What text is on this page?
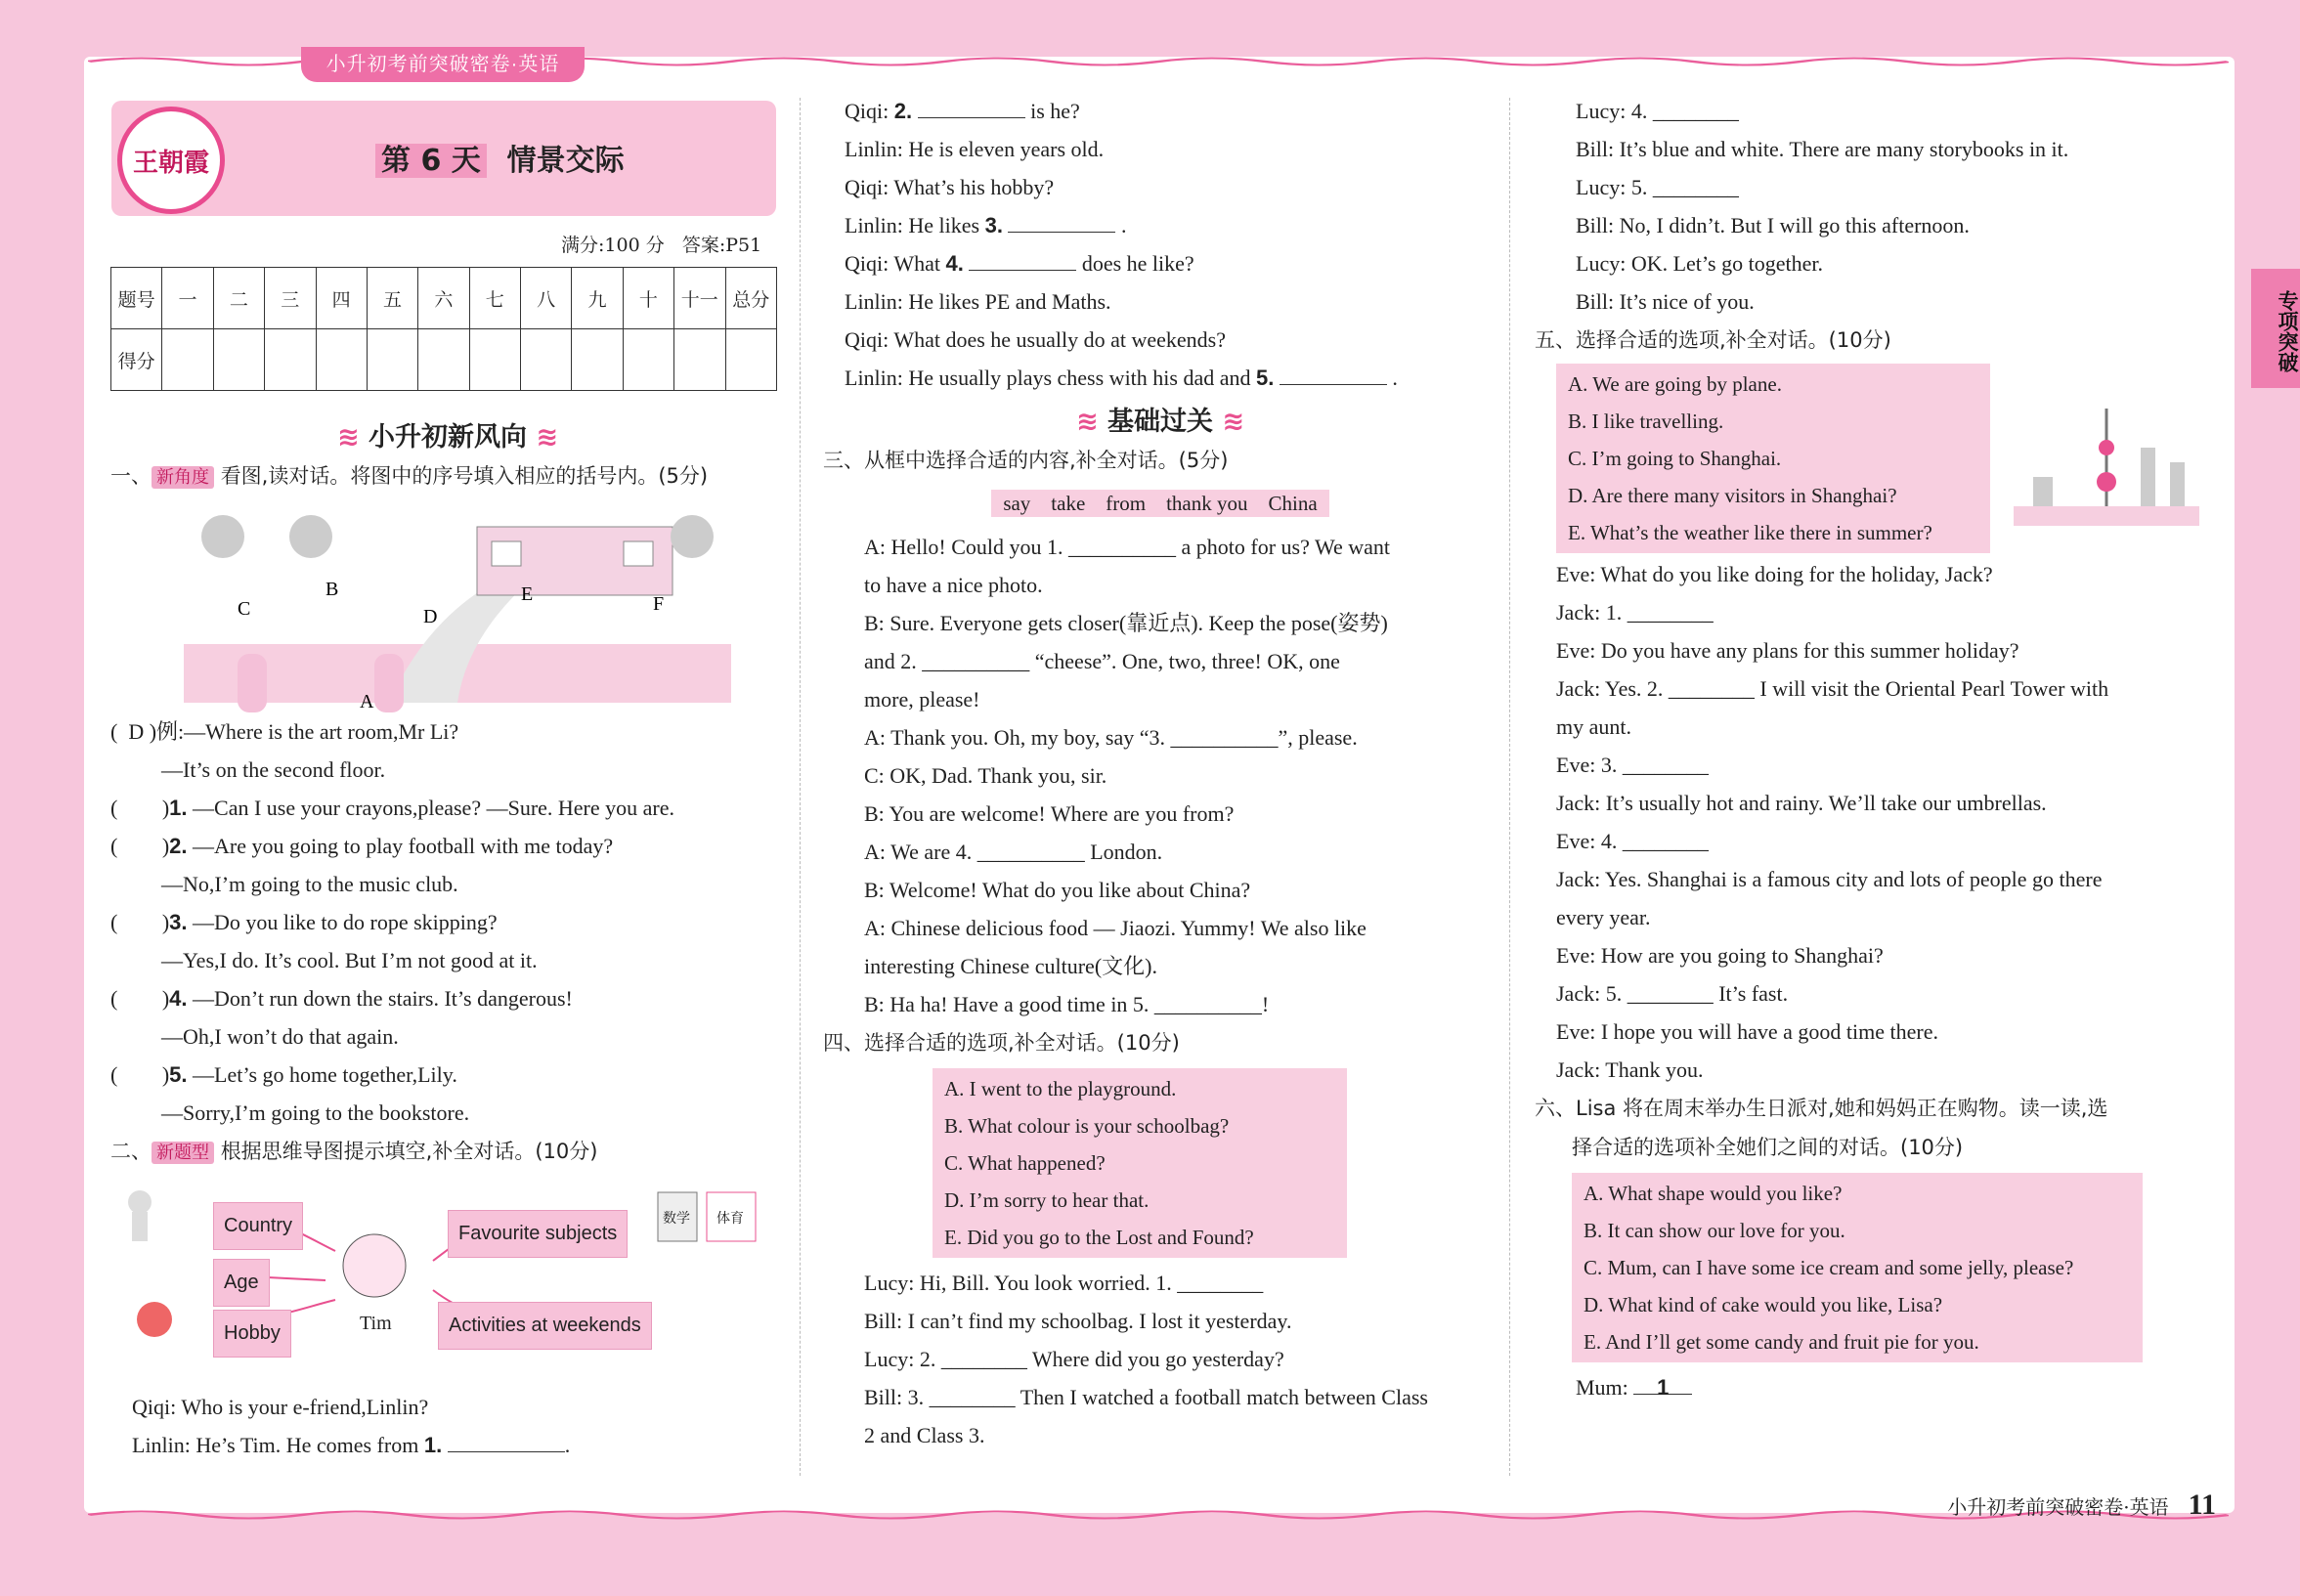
小升初考前突破密卷·英语
专项突破
王朝霞	第 6 天 情景交际
满分:100 分 答案:P51
题号	一	二	三	四	五	六	七	八	九	十	十一	总分
得分												
≋ 小升初新风向 ≋
一、 新角度 看图,读对话。将图中的序号填入相应的括号内。(5分)
A
B
C	D
E	F
( D )例:—Where is the art room,Mr Li?
—It’s on the second floor.
( )1. —Can I use your crayons,please? —Sure. Here you are.
( )2. —Are you going to play football with me today?
—No,I’m going to the music club.
( )3. —Do you like to do rope skipping?
—Yes,I do. It’s cool. But I’m not good at it.
( )4. —Don’t run down the stairs. It’s dangerous!
—Oh,I won’t do that again.
( )5. —Let’s go home together,Lily.
—Sorry,I’m going to the bookstore.
二、 新题型 根据思维导图提示填空,补全对话。(10分)
Country
Age
Hobby	Tim
Favourite subjects
Activities at weekends
数学 体育
Qiqi: Who is your e-friend,Linlin?
Linlin: He’s Tim. He comes from 1.	.
Qiqi: 2.	is he?
Linlin: He is eleven years old.
Qiqi: What’s his hobby?
Linlin: He likes 3.	.
Qiqi: What 4.	does he like?
Linlin: He likes PE and Maths.
Qiqi: What does he usually do at weekends?
Linlin: He usually plays chess with his dad and 5.	.
≋ 基础过关 ≋
三、从框中选择合适的内容,补全对话。(5分)
say    take    from    thank you    China
A: Hello! Could you 1. __________ a photo for us? We want
to have a nice photo.
B: Sure. Everyone gets closer(靠近点). Keep the pose(姿势)
and 2. __________ “cheese”. One, two, three! OK, one
more, please!
A: Thank you. Oh, my boy, say “3. __________”, please.
C: OK, Dad. Thank you, sir.
B: You are welcome! Where are you from?
A: We are 4. __________ London.
B: Welcome! What do you like about China?
A: Chinese delicious food — Jiaozi. Yummy! We also like
interesting Chinese culture(文化).
B: Ha ha! Have a good time in 5. __________!
四、选择合适的选项,补全对话。(10分)
A. I went to the playground.
B. What colour is your schoolbag?
C. What happened?
D. I’m sorry to hear that.
E. Did you go to the Lost and Found?
Lucy: Hi, Bill. You look worried. 1. ________
Bill: I can’t find my schoolbag. I lost it yesterday.
Lucy: 2. ________ Where did you go yesterday?
Bill: 3. ________ Then I watched a football match between Class
2 and Class 3.
Lucy: 4. ________
Bill: It’s blue and white. There are many storybooks in it.
Lucy: 5. ________
Bill: No, I didn’t. But I will go this afternoon.
Lucy: OK. Let’s go together.
Bill: It’s nice of you.
五、选择合适的选项,补全对话。(10分)
A. We are going by plane.
B. I like travelling.
C. I’m going to Shanghai.
D. Are there many visitors in Shanghai?
E. What’s the weather like there in summer?
Eve: What do you like doing for the holiday, Jack?
Jack: 1. ________
Eve: Do you have any plans for this summer holiday?
Jack: Yes. 2. ________ I will visit the Oriental Pearl Tower with
my aunt.
Eve: 3. ________
Jack: It’s usually hot and rainy. We’ll take our umbrellas.
Eve: 4. ________
Jack: Yes. Shanghai is a famous city and lots of people go there
every year.
Eve: How are you going to Shanghai?
Jack: 5. ________ It’s fast.
Eve: I hope you will have a good time there.
Jack: Thank you.
六、Lisa 将在周末举办生日派对,她和妈妈正在购物。读一读,选
择合适的选项补全她们之间的对话。(10分)
A. What shape would you like?
B. It can show our love for you.
C. Mum, can I have some ice cream and some jelly, please?
D. What kind of cake would you like, Lisa?
E. And I’ll get some candy and fruit pie for you.
Mum: 1
小升初考前突破密卷·英语 11
